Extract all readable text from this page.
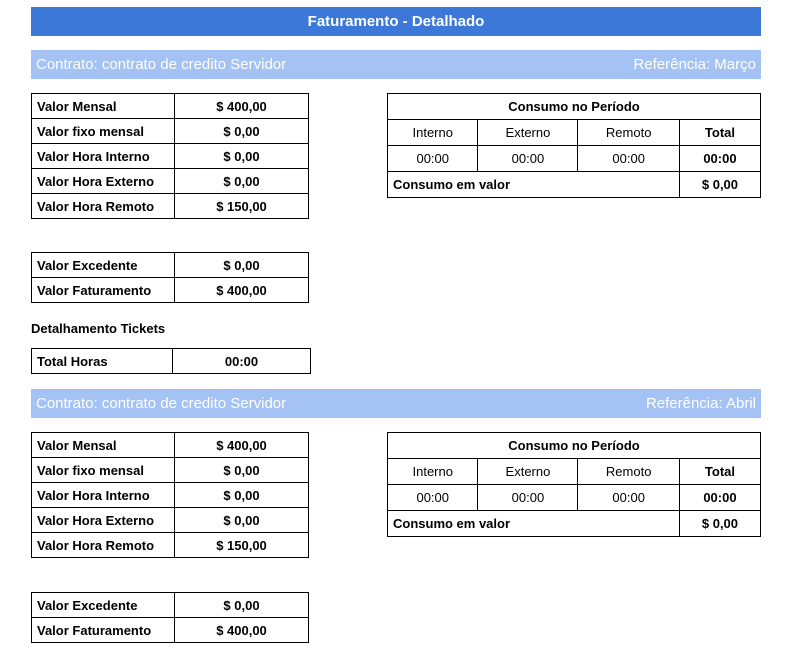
Faturamento - Detalhado
Contrato: contrato de credito Servidor	Referência: Março
Valor Mensal	$ 400,00
Valor fixo mensal	$ 0,00
Valor Hora Interno	$ 0,00
Valor Hora Externo	$ 0,00
Valor Hora Remoto	$ 150,00
Valor Excedente	$ 0,00
Valor Faturamento	$ 400,00
Consumo no Período			
Interno	Externo	Remoto	Total
00:00	00:00	00:00	00:00
Consumo em valor			$ 0,00
Detalhamento Tickets
Total Horas	00:00
Contrato: contrato de credito Servidor	Referência: Abril
Valor Mensal	$ 400,00
Valor fixo mensal	$ 0,00
Valor Hora Interno	$ 0,00
Valor Hora Externo	$ 0,00
Valor Hora Remoto	$ 150,00
Valor Excedente	$ 0,00
Valor Faturamento	$ 400,00
Consumo no Período			
Interno	Externo	Remoto	Total
00:00	00:00	00:00	00:00
Consumo em valor			$ 0,00
